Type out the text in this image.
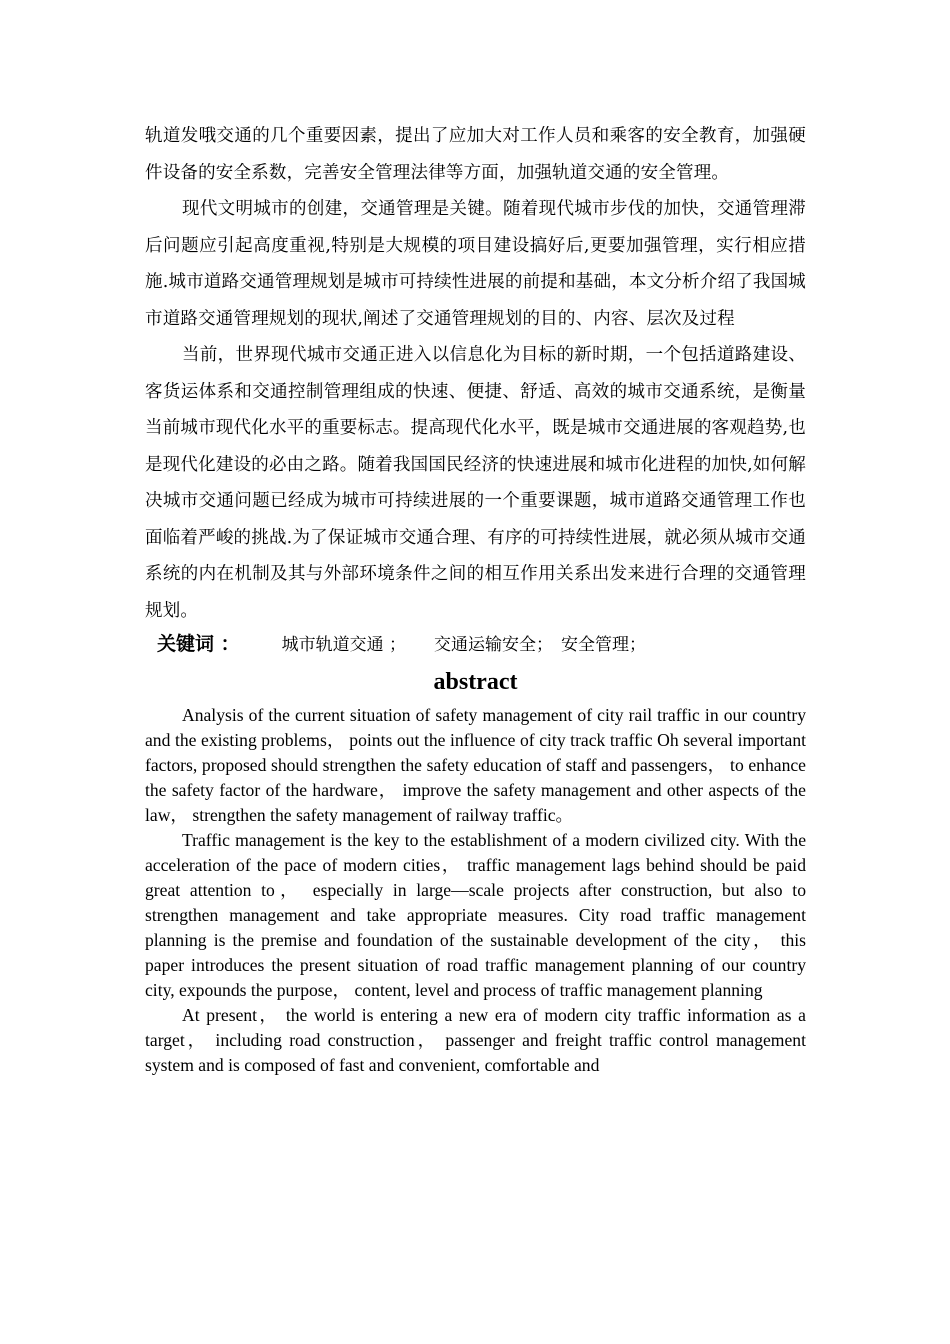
轨道发哦交通的几个重要因素，提出了应加大对工作人员和乘客的安全教育，加强硬件设备的安全系数，完善安全管理法律等方面，加强轨道交通的安全管理。

现代文明城市的创建，交通管理是关键。随着现代城市步伐的加快，交通管理滞后问题应引起高度重视,特别是大规模的项目建设搞好后,更要加强管理，实行相应措施.城市道路交通管理规划是城市可持续性进展的前提和基础，本文分析介绍了我国城市道路交通管理规划的现状,阐述了交通管理规划的目的、内容、层次及过程

当前，世界现代城市交通正进入以信息化为目标的新时期，一个包括道路建设、客货运体系和交通控制管理组成的快速、便捷、舒适、高效的城市交通系统，是衡量当前城市现代化水平的重要标志。提高现代化水平，既是城市交通进展的客观趋势,也是现代化建设的必由之路。随着我国国民经济的快速进展和城市化进程的加快,如何解决城市交通问题已经成为城市可持续进展的一个重要课题，城市道路交通管理工作也面临着严峻的挑战.为了保证城市交通合理、有序的可持续性进展，就必须从城市交通系统的内在机制及其与外部环境条件之间的相互作用关系出发来进行合理的交通管理规划。

关键词 ： 城市轨道交通 ； 交通运输安全； 安全管理；
abstract

Analysis of the current situation of safety management of city rail traffic in our country and the existing problems， points out the influence of city track traffic Oh several important factors, proposed should strengthen the safety education of staff and passengers， to enhance the safety factor of the hardware， improve the safety management and other aspects of the law， strengthen the safety management of railway traffic。

Traffic management is the key to the establishment of a modern civilized city. With the acceleration of the pace of modern cities， traffic management lags behind should be paid great attention to， especially in large—scale projects after construction, but also to strengthen management and take appropriate measures. City road traffic management planning is the premise and foundation of the sustainable development of the city， this paper introduces the present situation of road traffic management planning of our country city, expounds the purpose， content, level and process of traffic management planning

At present， the world is entering a new era of modern city traffic information as a target， including road construction， passenger and freight traffic control management system and is composed of fast and convenient, comfortable and
